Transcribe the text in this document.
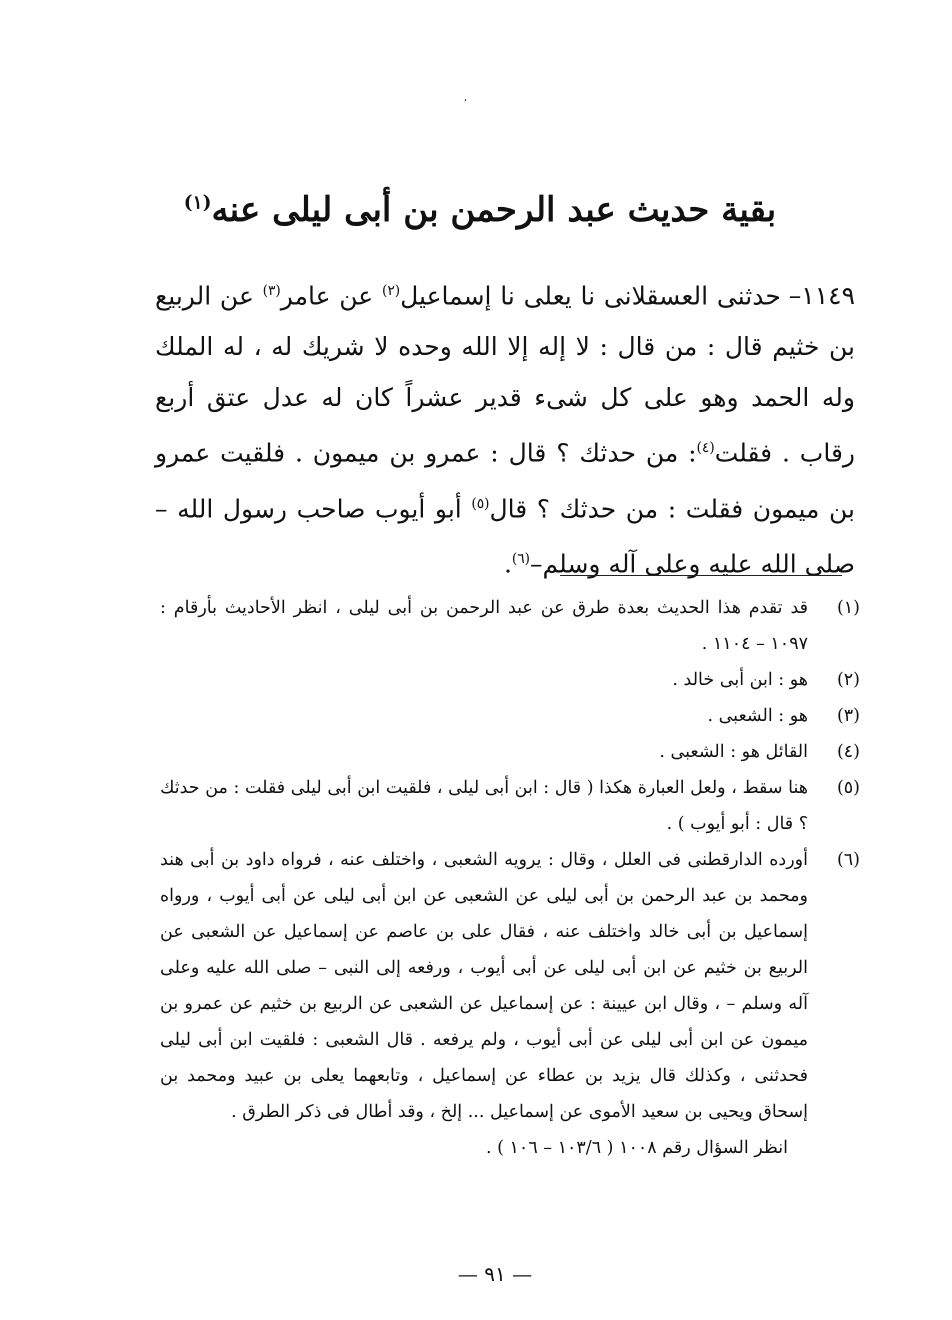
,
بقية حديث عبد الرحمن بن أبى ليلى عنه$^{(١)}$

١١٤٩–حدثنى العسقلانى نا يعلى نا إسماعيل$^{(٢)}$ عن عامر$^{(٣)}$ عن الربيع بن خثيم قال : من قال : لا إله إلا الله وحده لا شريك له ، له الملك وله الحمد وهو على كل شىء قدير عشراً كان له عدل عتق أربع رقاب . فقلت$^{(٤)}$: من حدثك ؟ قال : عمرو بن ميمون . فلقيت عمرو بن ميمون فقلت : من حدثك ؟ قال$^{(٥)}$ أبو أيوب صاحب رسول الله – صلى الله عليه وعلى آله وسلم–$^{(٦)}$.

(١)
قد تقدم هذا الحديث بعدة طرق عن عبد الرحمن بن أبى ليلى ، انظر الأحاديث بأرقام : ١٠٩٧ – ١١٠٤ .
(٢)
هو : ابن أبى خالد .
(٣)
هو : الشعبى .
(٤)
القائل هو : الشعبى .
(٥)
هنا سقط ، ولعل العبارة هكذا ( قال : ابن أبى ليلى ، فلقيت ابن أبى ليلى فقلت : من حدثك ؟ قال : أبو أيوب ) .
(٦)
أورده الدارقطنى فى العلل ، وقال : يرويه الشعبى ، واختلف عنه ، فرواه داود بن أبى هند ومحمد بن عبد الرحمن بن أبى ليلى عن الشعبى عن ابن أبى ليلى عن أبى أيوب ، ورواه إسماعيل بن أبى خالد واختلف عنه ، فقال على بن عاصم عن إسماعيل عن الشعبى عن الربيع بن خثيم عن ابن أبى ليلى عن أبى أيوب ، ورفعه إلى النبى – صلى الله عليه وعلى آله وسلم – ، وقال ابن عيينة : عن إسماعيل عن الشعبى عن الربيع بن خثيم عن عمرو بن ميمون عن ابن أبى ليلى عن أبى أيوب ، ولم يرفعه . قال الشعبى : فلقيت ابن أبى ليلى فحدثنى ، وكذلك قال يزيد بن عطاء عن إسماعيل ، وتابعهما يعلى بن عبيد ومحمد بن إسحاق ويحيى بن سعيد الأموى عن إسماعيل ... إلخ ، وقد أطال فى ذكر الطرق .
انظر السؤال رقم ١٠٠٨ ( ١٠٣/٦ – ١٠٦ ) .
— ٩١ —
